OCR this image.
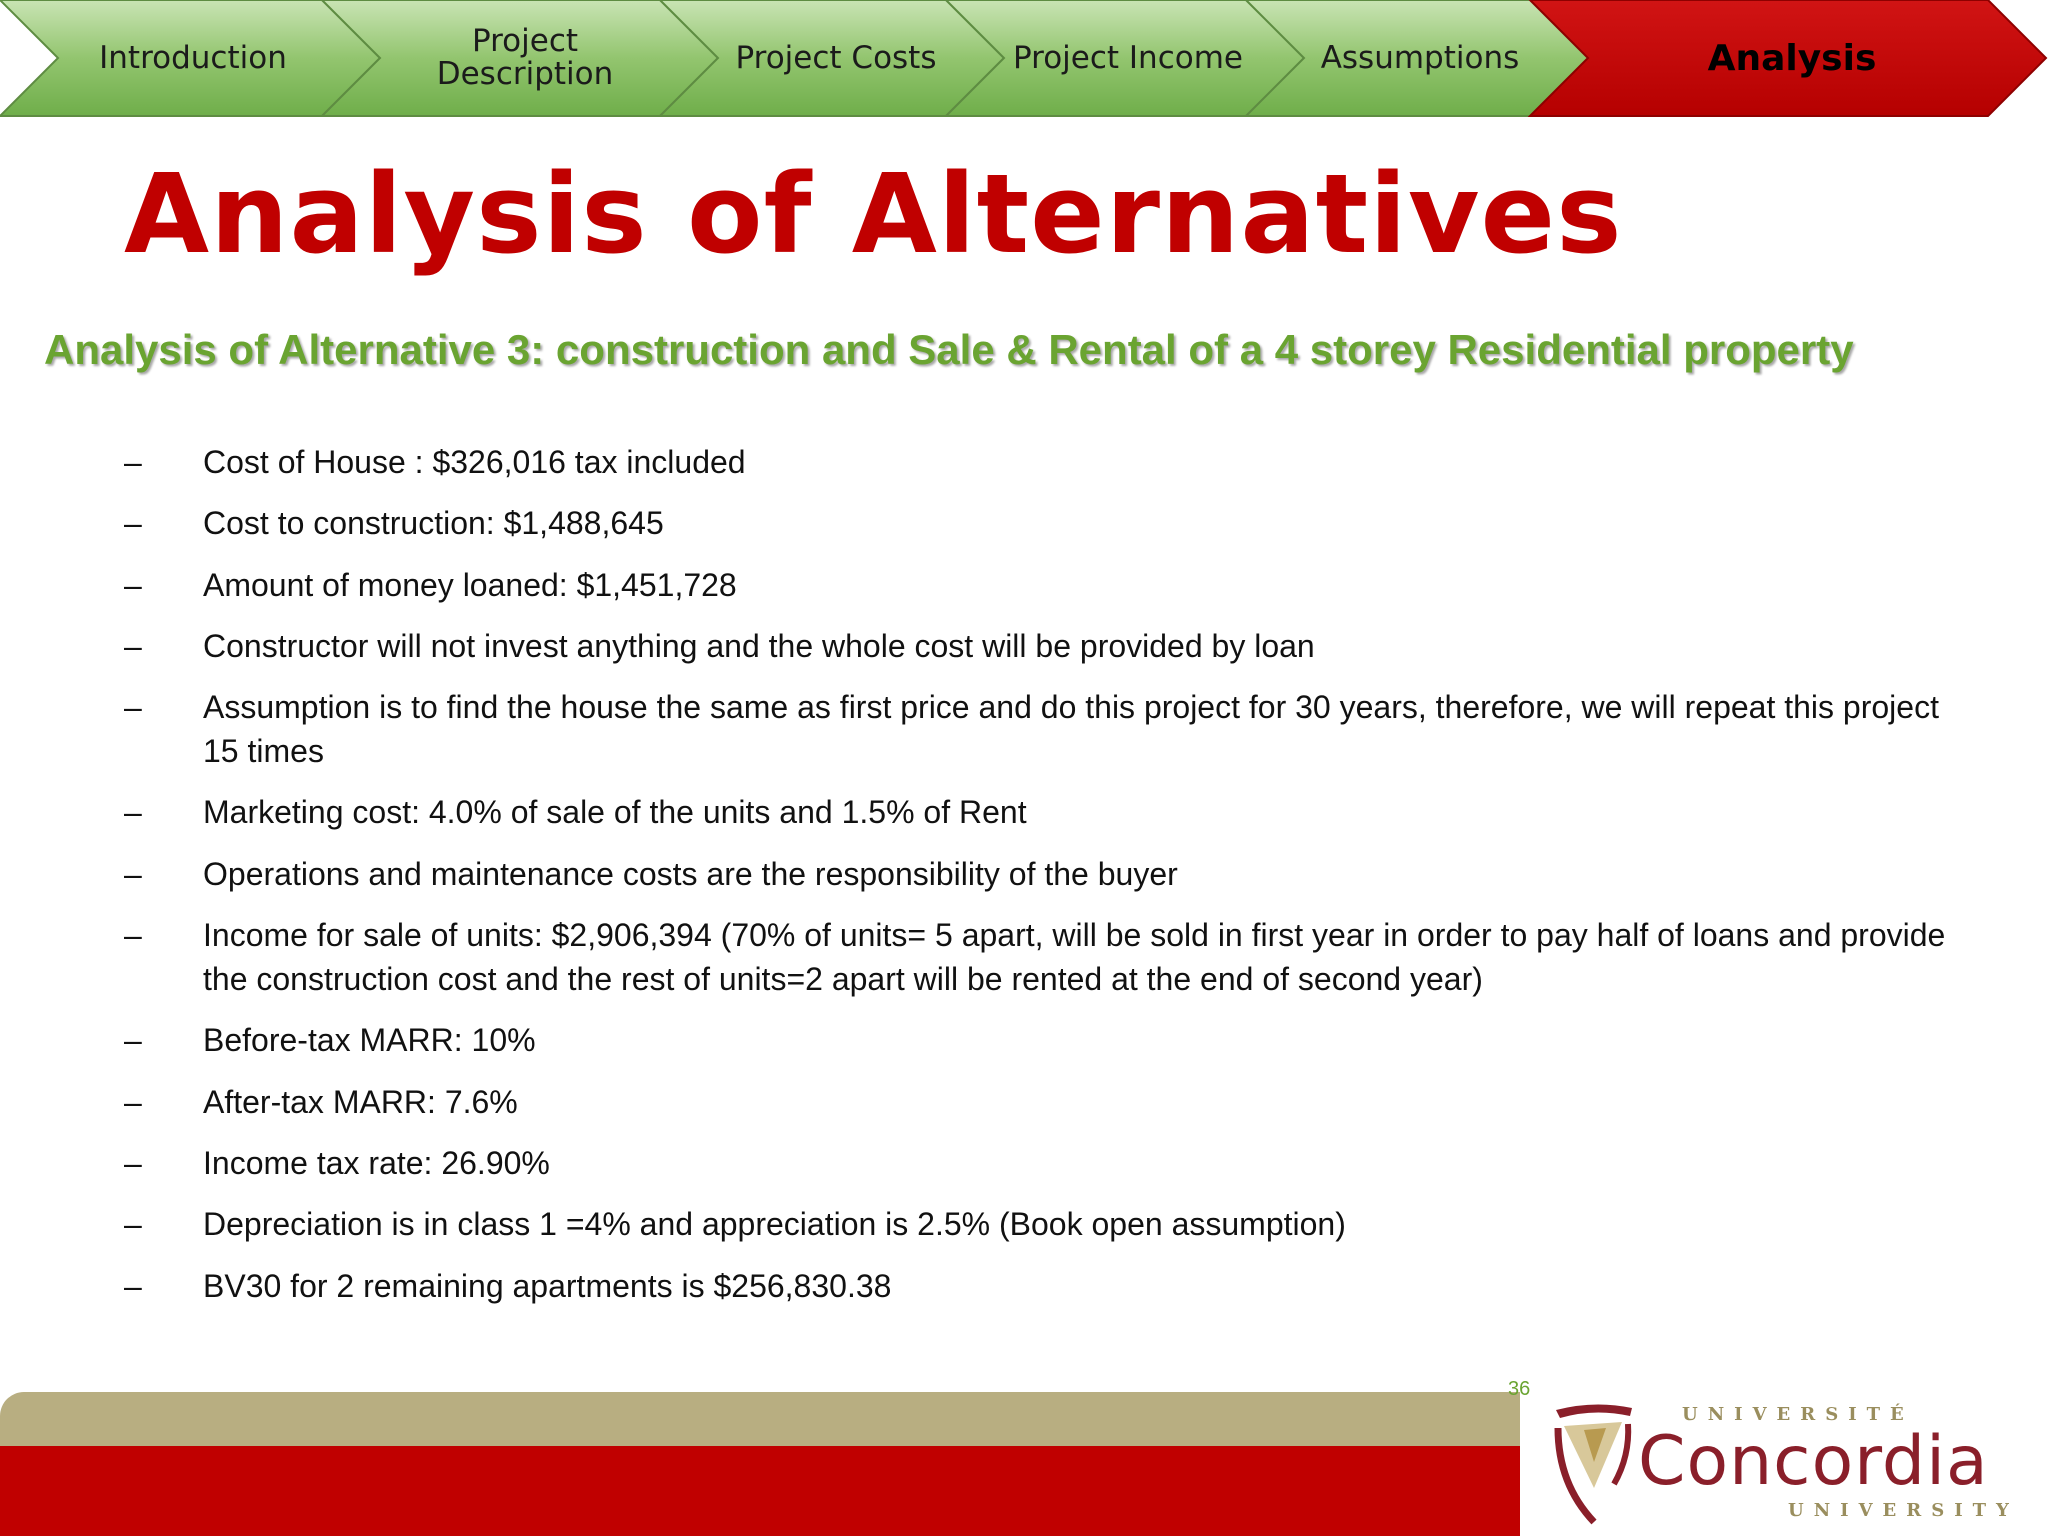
Introduction	Project
Description	Project Costs	Project Income	Assumptions	Analysis
Analysis of Alternatives
Analysis of Alternative 3: construction and Sale & Rental of a 4 storey Residential property
– Cost of House : $326,016 tax included
– Cost to construction: $1,488,645
– Amount of money loaned: $1,451,728
– Constructor will not invest anything and the whole cost will be provided by loan
– Assumption is to find the house the same as first price and do this project for 30 years, therefore, we will repeat this project 15 times
– Marketing cost: 4.0% of sale of the units and 1.5% of Rent
– Operations and maintenance costs are the responsibility of the buyer
– Income for sale of units: $2,906,394 (70% of units= 5 apart, will be sold in first year in order to pay half of loans and provide the construction cost and the rest of units=2 apart will be rented at the end of second year)
– Before-tax MARR: 10%
– After-tax MARR: 7.6%
– Income tax rate: 26.90%
– Depreciation is in class 1 =4% and appreciation is 2.5% (Book open assumption)
– BV30 for 2 remaining apartments is $256,830.38
36
UNIVERSITÉ
Concordia
UNIVERSITY
